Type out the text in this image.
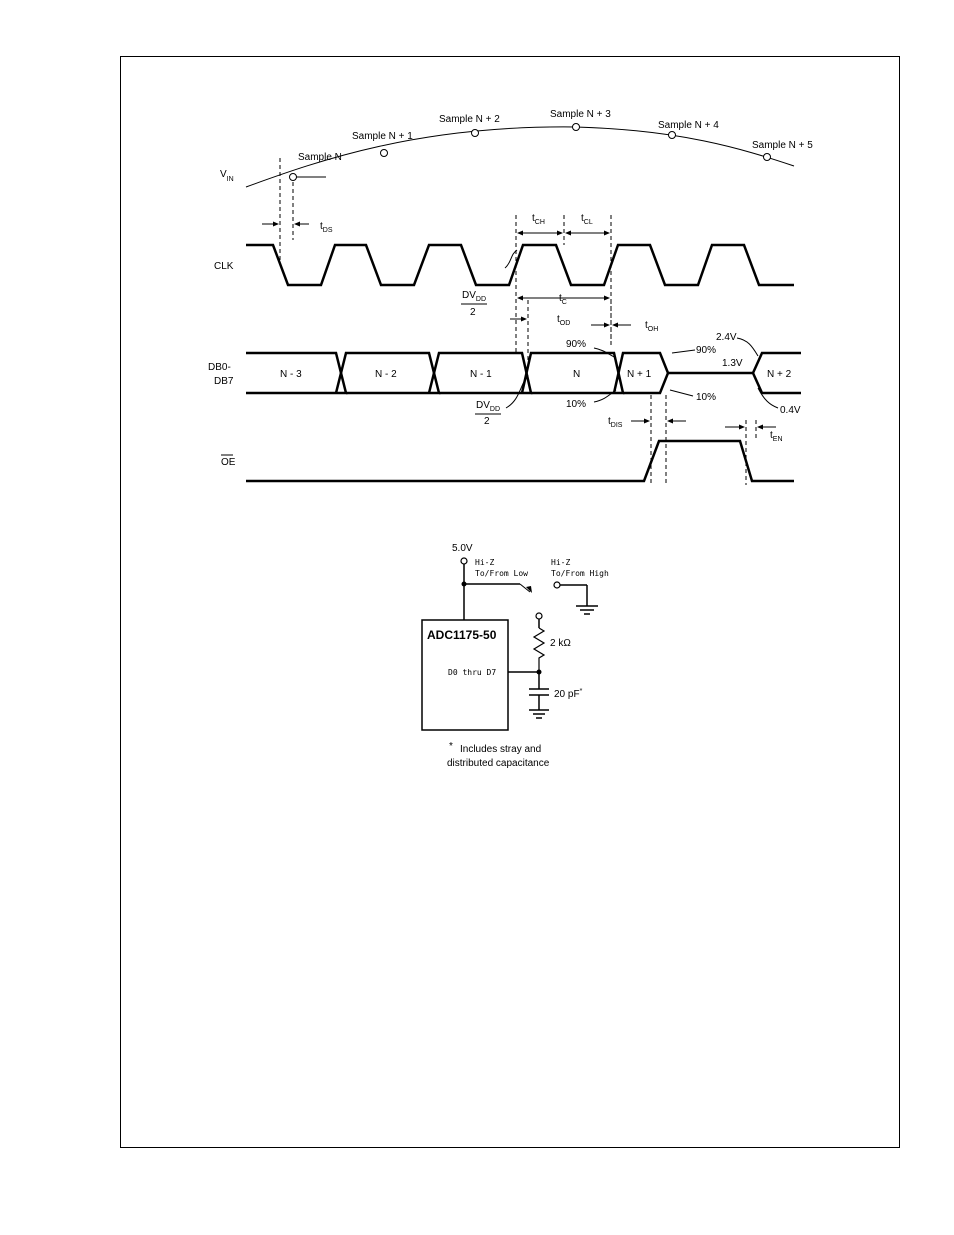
Sample N
Sample N + 1
Sample N + 2	Sample N + 3
Sample N + 4
Sample N + 5
$V_{IN}$
CLK
DB0-
DB7
OE
$t_{DS}$
$t_{CH}$	$t_{CL}$
$t_C$
$t_{OD}$	$t_{OH}$
$t_{DIS}$
$t_{EN}$
$DV_{DD}$
2
$DV_{DD}$
2
N - 3	N - 2	N - 1	N	N + 1	N + 2
90%
90%
10%
10%
2.4V
1.3V
0.4V
5.0V
Hi-Z
To/From Low
Hi-Z
To/From High
ADC1175-50
D0 thru D7
2 kΩ
20 pF*
* Includes stray and
distributed capacitance
